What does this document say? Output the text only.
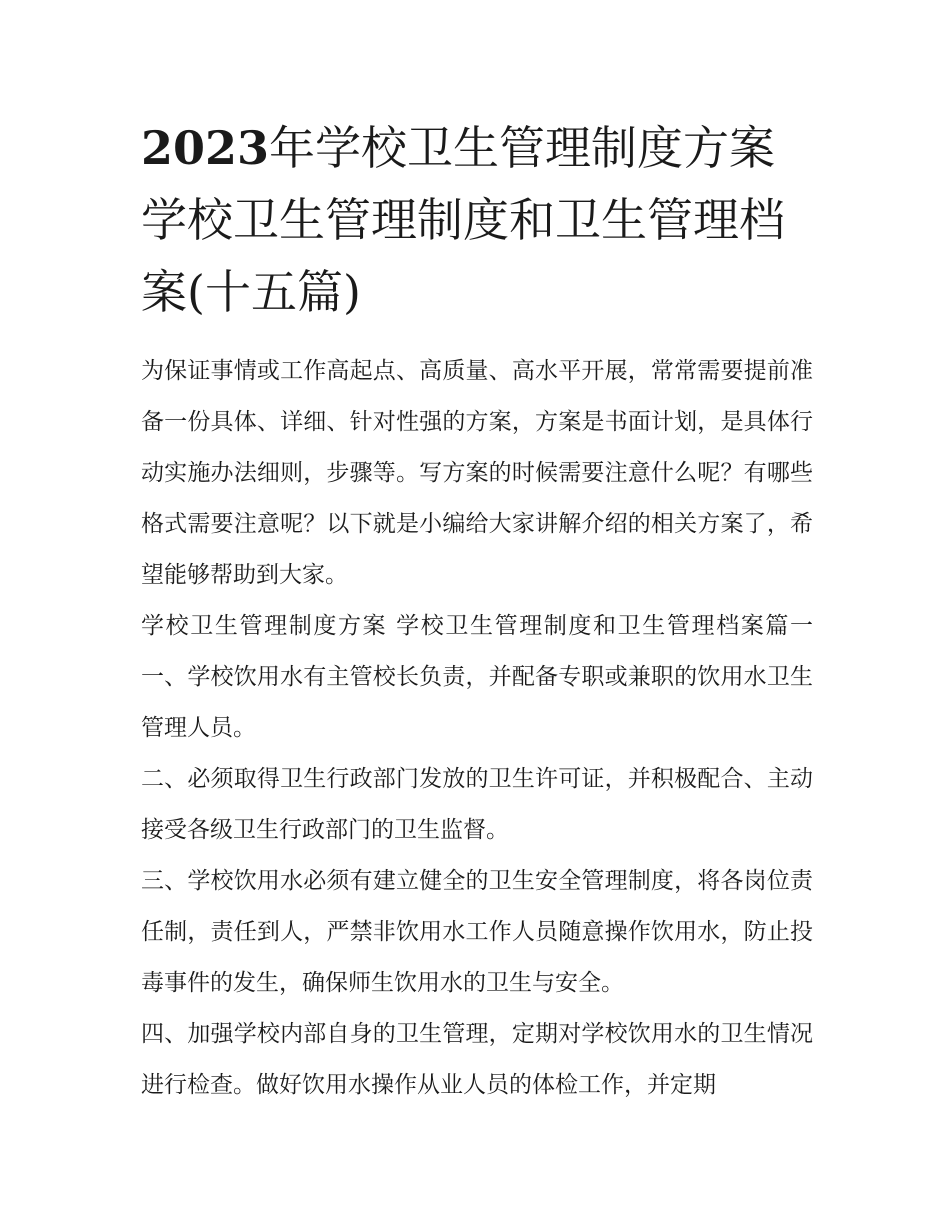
2023年学校卫生管理制度方案学校卫生管理制度和卫生管理档案(十五篇)

为保证事情或工作高起点、高质量、高水平开展，常常需要提前准备一份具体、详细、针对性强的方案，方案是书面计划，是具体行动实施办法细则，步骤等。写方案的时候需要注意什么呢？有哪些格式需要注意呢？以下就是小编给大家讲解介绍的相关方案了，希望能够帮助到大家。

学校卫生管理制度方案 学校卫生管理制度和卫生管理档案篇一 一、学校饮用水有主管校长负责，并配备专职或兼职的饮用水卫生管理人员。

二、必须取得卫生行政部门发放的卫生许可证，并积极配合、主动接受各级卫生行政部门的卫生监督。

三、学校饮用水必须有建立健全的卫生安全管理制度，将各岗位责任制，责任到人，严禁非饮用水工作人员随意操作饮用水，防止投毒事件的发生，确保师生饮用水的卫生与安全。

四、加强学校内部自身的卫生管理，定期对学校饮用水的卫生情况进行检查。做好饮用水操作从业人员的体检工作，并定期
